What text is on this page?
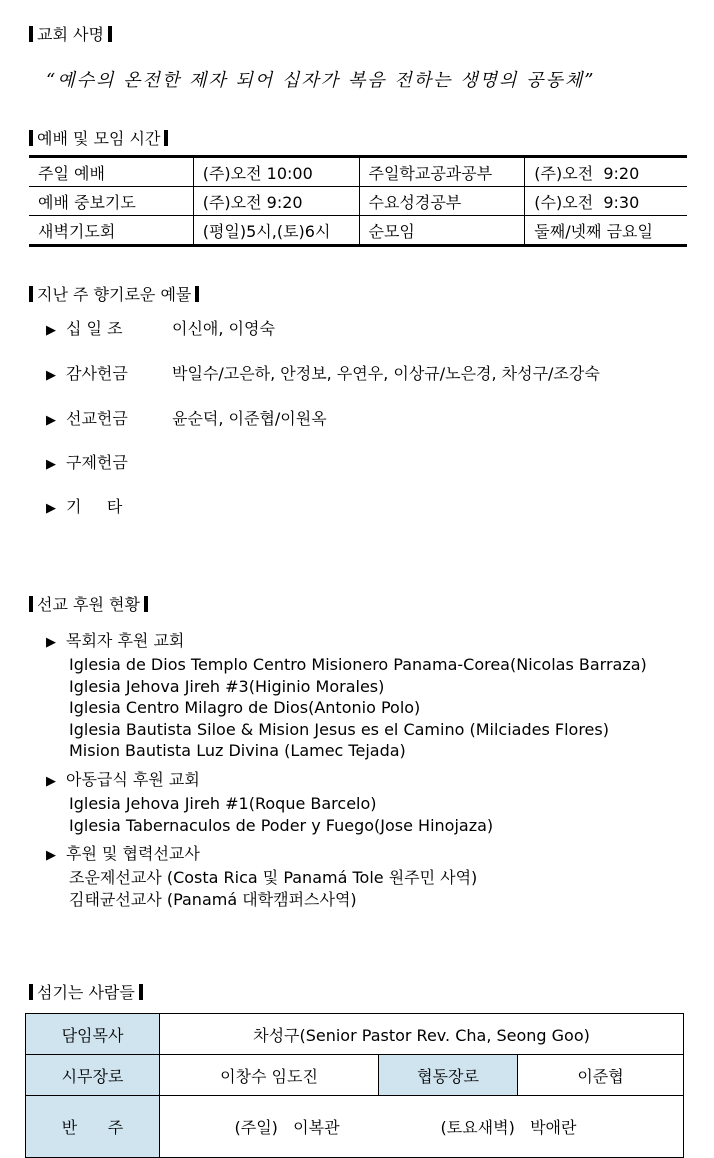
교회 사명
“예수의 온전한 제자 되어 십자가 복음 전하는 생명의 공동체”
예배 및 모임 시간
주일 예배	(주)오전 10:00	주일학교공과공부	(주)오전  9:20
예배 중보기도	(주)오전 9:20	수요성경공부	(수)오전  9:30
새벽기도회	(평일)5시,(토)6시	순모임	둘째/넷째 금요일
지난 주 향기로운 예물
▶ 십 일 조	이신애, 이영숙
▶ 감사헌금	박일수/고은하, 안정보, 우연우, 이상규/노은경, 차성구/조강숙
▶ 선교헌금	윤순덕, 이준협/이원옥
▶ 구제헌금
▶ 기     타
선교 후원 현황
▶ 목회자 후원 교회
Iglesia de Dios Templo Centro Misionero Panama-Corea(Nicolas Barraza)
Iglesia Jehova Jireh #3(Higinio Morales)
Iglesia Centro Milagro de Dios(Antonio Polo)
Iglesia Bautista Siloe & Mision Jesus es el Camino (Milciades Flores)
Mision Bautista Luz Divina (Lamec Tejada)
▶ 아동급식 후원 교회
Iglesia Jehova Jireh #1(Roque Barcelo)
Iglesia Tabernaculos de Poder y Fuego(Jose Hinojaza)
▶ 후원 및 협력선교사
조운제선교사 (Costa Rica 및 Panamá Tole 원주민 사역)
김태균선교사 (Panamá 대학캠퍼스사역)
섬기는 사람들
담임목사	차성구(Senior Pastor Rev. Cha, Seong Goo)		
시무장로	이창수 임도진	협동장로	이준협
반      주	(주일)   이복관 (토요새벽)   박애란		
